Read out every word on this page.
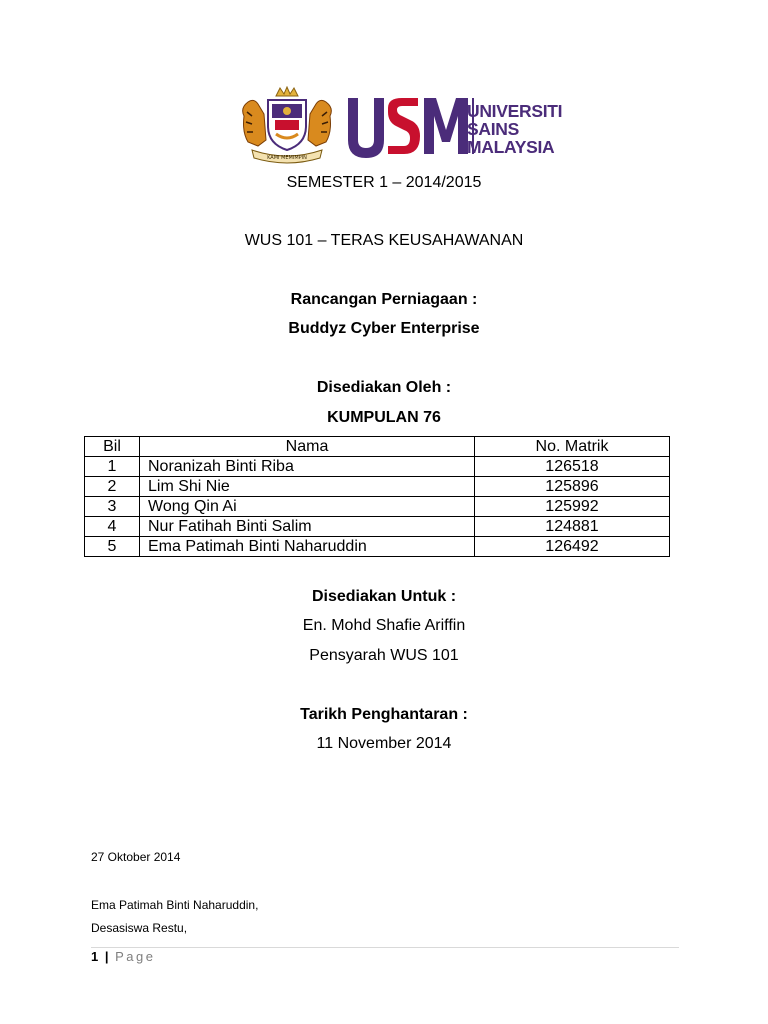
KAMI MEMIMPIN
UNIVERSITI
SAINS
MALAYSIA
SEMESTER 1 – 2014/2015
WUS 101 – TERAS KEUSAHAWANAN
Rancangan Perniagaan :
Buddyz Cyber Enterprise
Disediakan Oleh :
KUMPULAN 76
Bil	Nama	No. Matrik
1	Noranizah Binti Riba	126518
2	Lim Shi Nie	125896
3	Wong Qin Ai	125992
4	Nur Fatihah Binti Salim	124881
5	Ema Patimah Binti Naharuddin	126492
Disediakan Untuk :
En. Mohd Shafie Ariffin
Pensyarah WUS 101
Tarikh Penghantaran :
11 November 2014
27 Oktober 2014
Ema Patimah Binti Naharuddin,
Desasiswa Restu,
1 | Page
